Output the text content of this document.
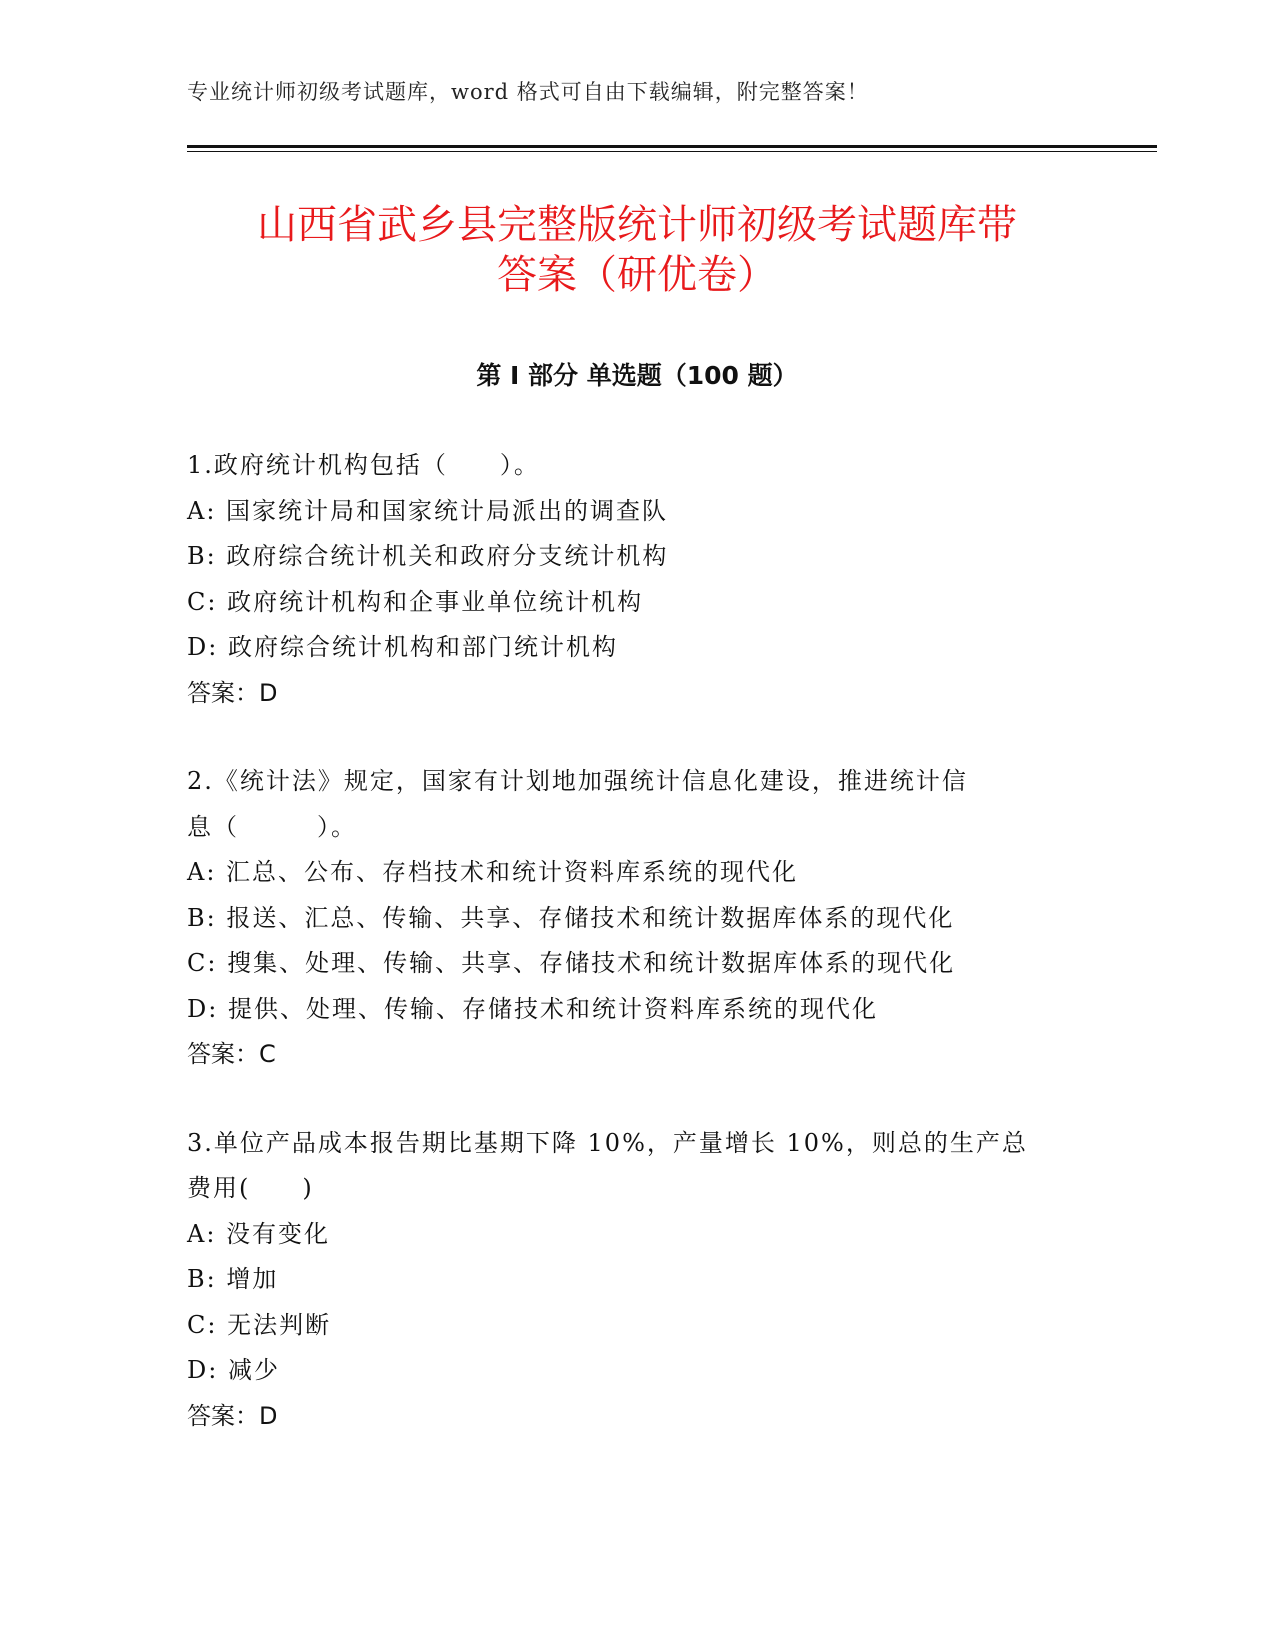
专业统计师初级考试题库，word 格式可自由下载编辑，附完整答案！
山西省武乡县完整版统计师初级考试题库带
答案（研优卷）
第 I 部分 单选题（100 题）
1.政府统计机构包括（　　）。
A: 国家统计局和国家统计局派出的调查队
B: 政府综合统计机关和政府分支统计机构
C: 政府统计机构和企事业单位统计机构
D: 政府综合统计机构和部门统计机构
答案：D
2.《统计法》规定，国家有计划地加强统计信息化建设，推进统计信
息（　　　）。
A: 汇总、公布、存档技术和统计资料库系统的现代化
B: 报送、汇总、传输、共享、存储技术和统计数据库体系的现代化
C: 搜集、处理、传输、共享、存储技术和统计数据库体系的现代化
D: 提供、处理、传输、存储技术和统计资料库系统的现代化
答案：C
3.单位产品成本报告期比基期下降 10%，产量增长 10%，则总的生产总
费用(　　)
A: 没有变化
B: 增加
C: 无法判断
D: 减少
答案：D
